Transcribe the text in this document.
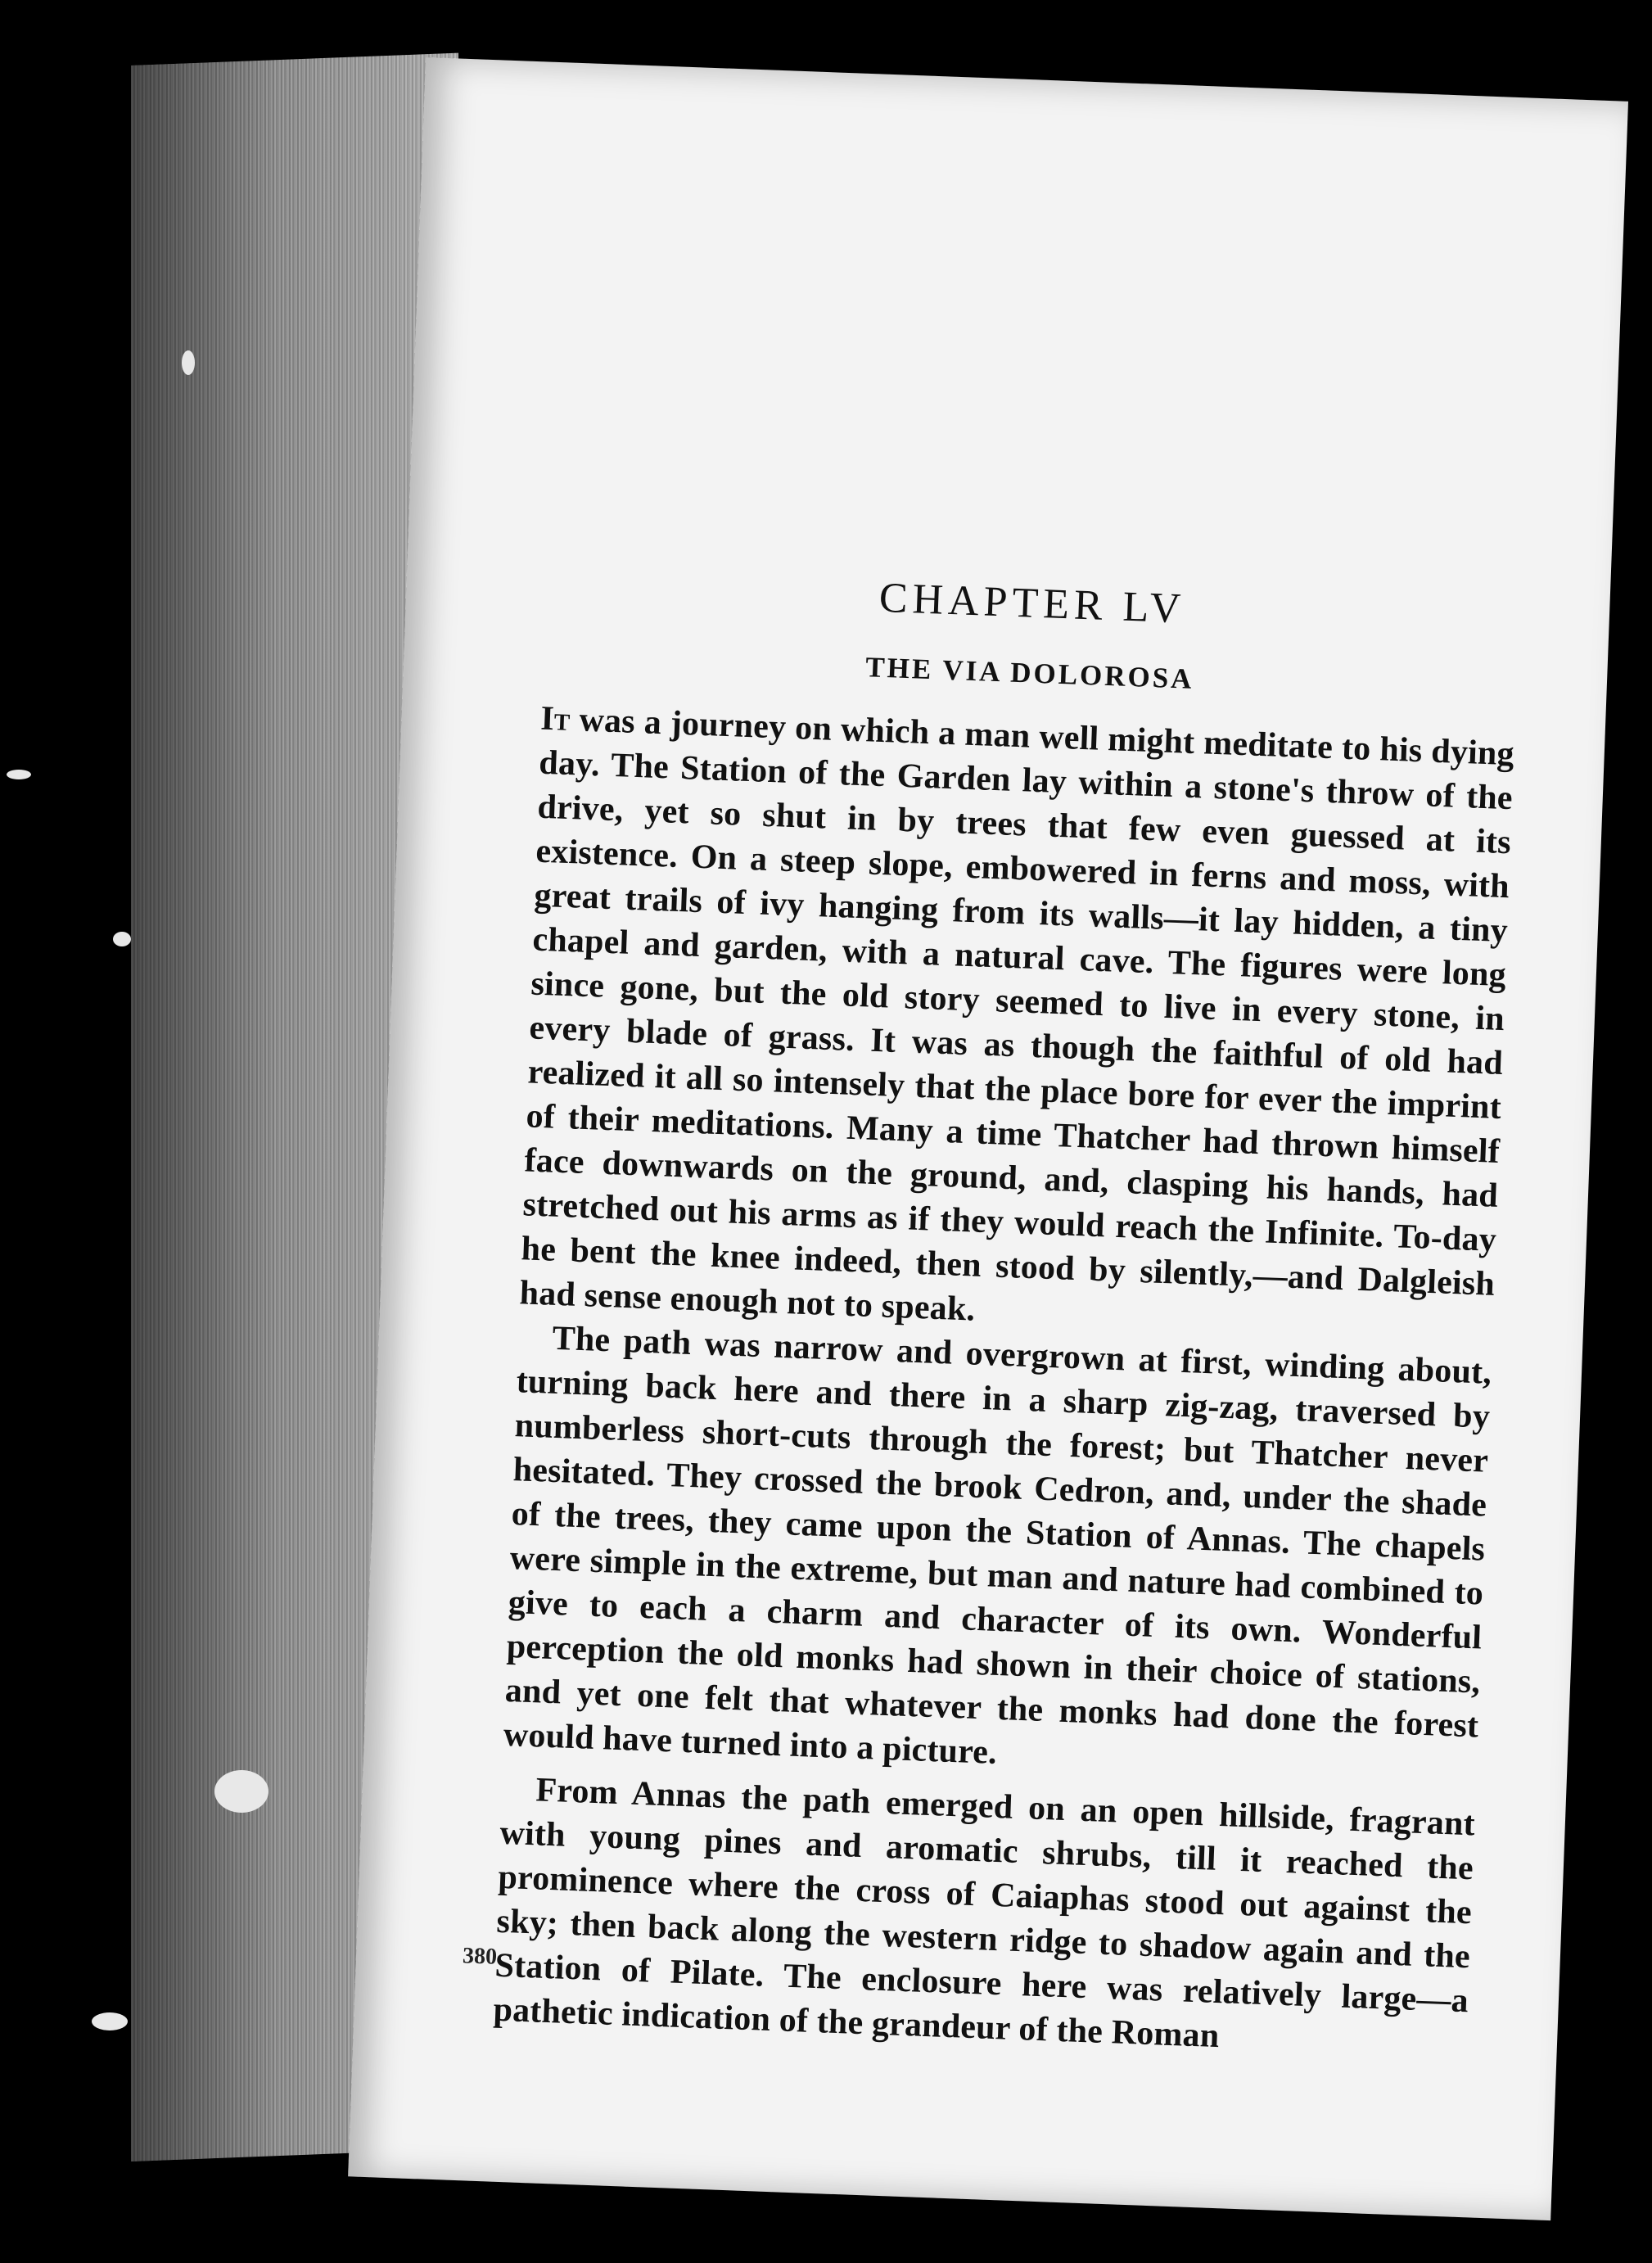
CHAPTER LV
THE VIA DOLOROSA

It was a journey on which a man well might meditate to his dying day. The Station of the Garden lay within a stone's throw of the drive, yet so shut in by trees that few even guessed at its existence. On a steep slope, embowered in ferns and moss, with great trails of ivy hanging from its walls—it lay hidden, a tiny chapel and garden, with a natural cave. The figures were long since gone, but the old story seemed to live in every stone, in every blade of grass. It was as though the faithful of old had realized it all so intensely that the place bore for ever the imprint of their meditations. Many a time Thatcher had thrown himself face downwards on the ground, and, clasping his hands, had stretched out his arms as if they would reach the Infinite. To-day he bent the knee indeed, then stood by silently,—and Dalgleish had sense enough not to speak.

The path was narrow and overgrown at first, winding about, turning back here and there in a sharp zig-zag, traversed by numberless short-cuts through the forest; but Thatcher never hesitated. They crossed the brook Cedron, and, under the shade of the trees, they came upon the Station of Annas. The chapels were simple in the extreme, but man and nature had combined to give to each a charm and character of its own. Wonderful perception the old monks had shown in their choice of stations, and yet one felt that whatever the monks had done the forest would have turned into a picture.

From Annas the path emerged on an open hillside, fragrant with young pines and aromatic shrubs, till it reached the prominence where the cross of Caiaphas stood out against the sky; then back along the western ridge to shadow again and the Station of Pilate. The enclosure here was relatively large—a pathetic indication of the grandeur of the Roman

380
